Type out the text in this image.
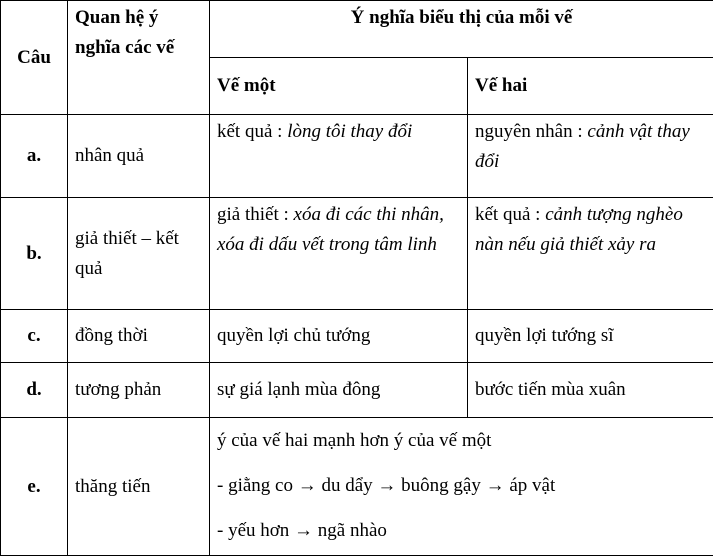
Câu	Quan hệ ý nghĩa các vế	Ý nghĩa biểu thị của mỗi vế	
		Vế một	Vế hai
a.	nhân quả	kết quả : lòng tôi thay đổi	nguyên nhân : cảnh vật thay đổi
b.	giả thiết – kết quả	giả thiết : xóa đi các thi nhân, xóa đi dấu vết trong tâm linh	kết quả : cảnh tượng nghèo nàn nếu giả thiết xảy ra
c.	đồng thời	quyền lợi chủ tướng	quyền lợi tướng sĩ
d.	tương phản	sự giá lạnh mùa đông	bước tiến mùa xuân
e.	thăng tiến	ý của vế hai mạnh hơn ý của vế một
- giằng co → du dẩy → buông gậy → áp vật
- yếu hơn → ngã nhào	
